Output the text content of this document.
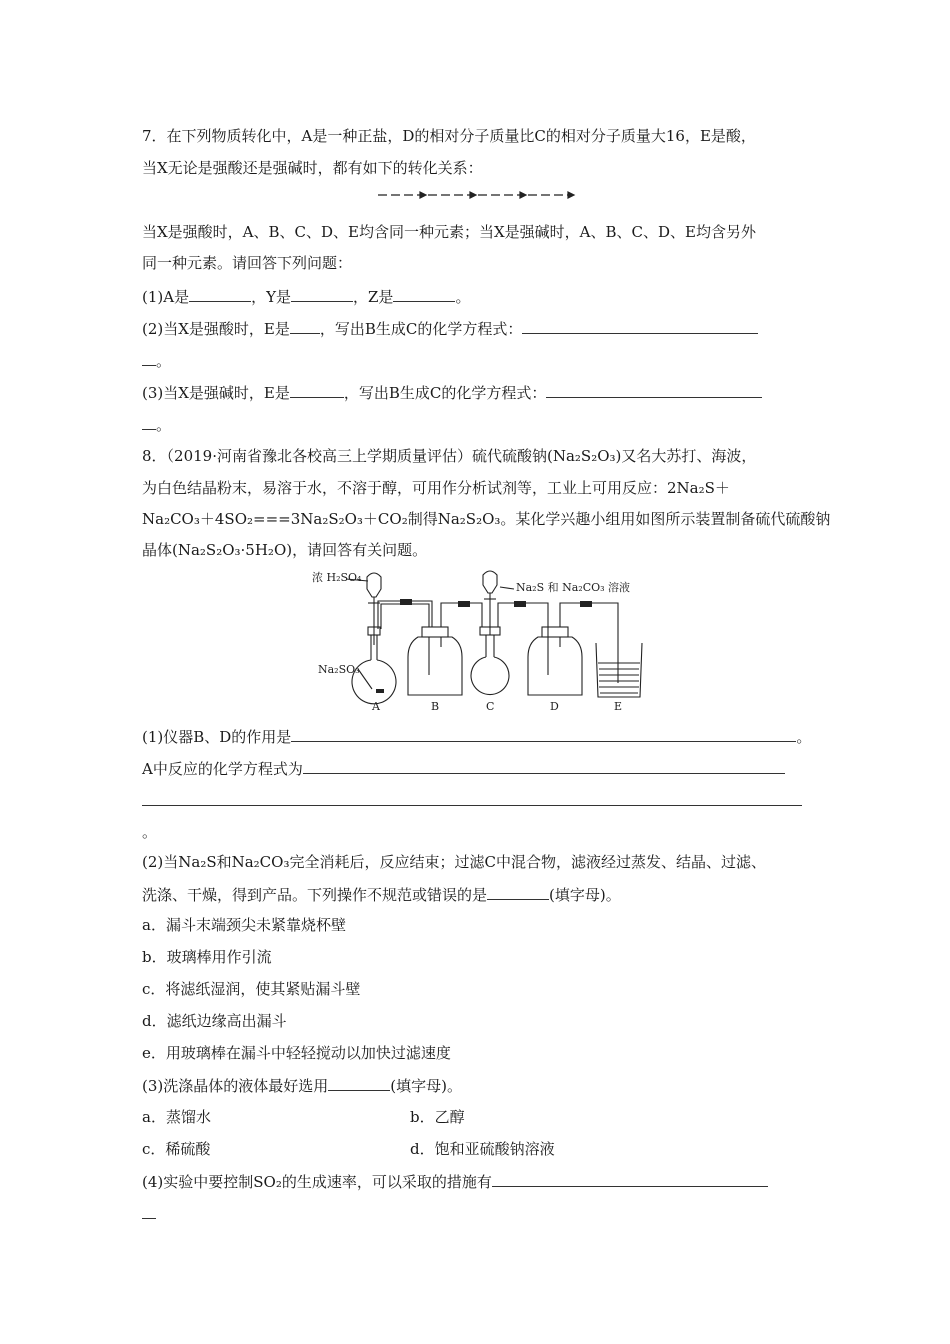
7．在下列物质转化中，A是一种正盐，D的相对分子质量比C的相对分子质量大16，E是酸，
当X无论是强酸还是强碱时，都有如下的转化关系：
当X是强酸时，A、B、C、D、E均含同一种元素；当X是强碱时，A、B、C、D、E均含另外
同一种元素。请回答下列问题：
(1)A是	，Y是	，Z是	。
(2)当X是强酸时，E是 ，写出B生成C的化学方程式：
。
(3)当X是强碱时，E是	，写出B生成C的化学方程式：
。
8．（2019·河南省豫北各校高三上学期质量评估）硫代硫酸钠(Na₂S₂O₃)又名大苏打、海波，
为白色结晶粉末，易溶于水，不溶于醇，可用作分析试剂等，工业上可用反应：2Na₂S＋
Na₂CO₃＋4SO₂===3Na₂S₂O₃＋CO₂制得Na₂S₂O₃。某化学兴趣小组用如图所示装置制备硫代硫酸钠
晶体(Na₂S₂O₃·5H₂O)，请回答有关问题。
浓 H₂SO₄
Na₂S 和 Na₂CO₃ 溶液
Na₂SO₃
A	B	C	D	E
(1)仪器B、D的作用是	。
A中反应的化学方程式为
。
(2)当Na₂S和Na₂CO₃完全消耗后，反应结束；过滤C中混合物，滤液经过蒸发、结晶、过滤、
洗涤、干燥，得到产品。下列操作不规范或错误的是	(填字母)。
a．漏斗末端颈尖未紧靠烧杯壁
b．玻璃棒用作引流
c．将滤纸湿润，使其紧贴漏斗壁
d．滤纸边缘高出漏斗
e．用玻璃棒在漏斗中轻轻搅动以加快过滤速度
(3)洗涤晶体的液体最好选用	(填字母)。
a．蒸馏水	b．乙醇
c．稀硫酸	d．饱和亚硫酸钠溶液
(4)实验中要控制SO₂的生成速率，可以采取的措施有
